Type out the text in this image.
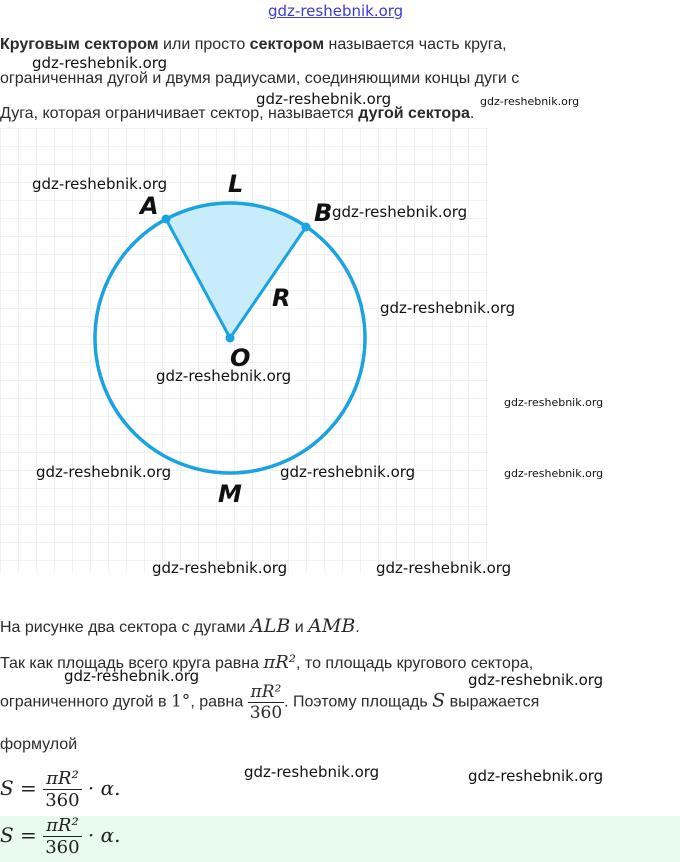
gdz-reshebnik.org
Круговым сектором или просто сектором называется часть круга,
gdz-reshebnik.org
ограниченная дугой и двумя радиусами, соединяющими концы дуги с
gdz-reshebnik.org	gdz-reshebnik.org
Дуга, которая ограничивает сектор, называется дугой сектора.
L
A	B
R
O
M
gdz-reshebnik.org
gdz-reshebnik.org
gdz-reshebnik.org
gdz-reshebnik.org
gdz-reshebnik.org
gdz-reshebnik.org	gdz-reshebnik.org	gdz-reshebnik.org
gdz-reshebnik.org	gdz-reshebnik.org
На рисунке два сектора с дугами ALB и AMB.
Так как площадь всего круга равна πR², то площадь кругового сектора,
gdz-reshebnik.org	gdz-reshebnik.org
ограниченного дугой в 1°, равна $\frac{\text{πR²}}{360}$ . Поэтому площадь S выражается
формулой
gdz-reshebnik.org	gdz-reshebnik.org
$S = \frac{\text{πR²}}{360} \cdot \alpha$.
$S = \frac{\text{πR²}}{360} \cdot \alpha$.
